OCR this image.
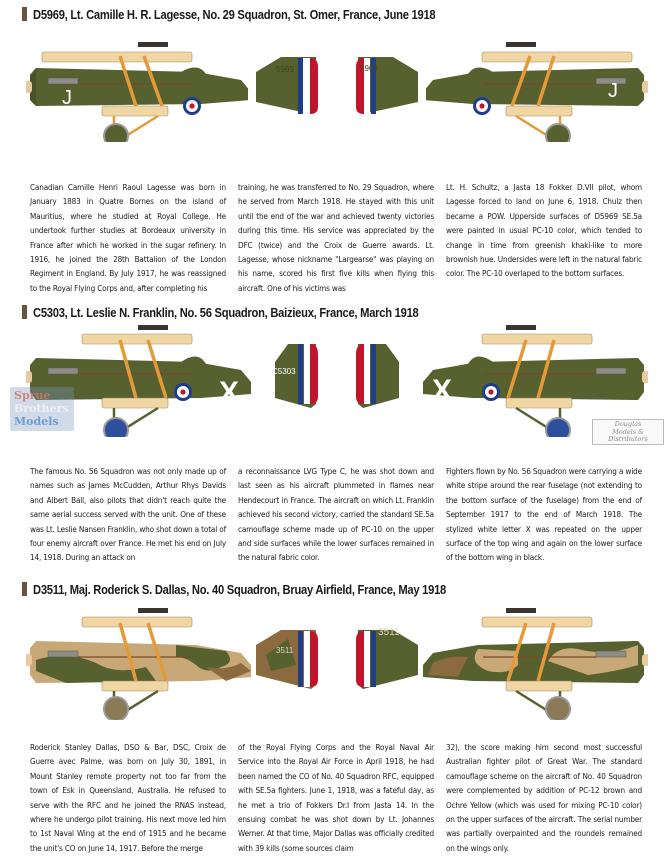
D5969, Lt. Camille H. R. Lagesse, No. 29 Squadron, St. Omer, France, June 1918
5969
J	J
5969

Canadian Camille Henri Raoul Lagesse was born in January 1883 in Quatre Bornes on the island of Mauritius, where he studied at Royal College. He undertook further studies at Bordeaux university in France after which he worked in the sugar refinery. In 1916, he joined the 28th Battalion of the London Regiment in England. By July 1917, he was reassigned to the Royal Flying Corps and, after completing his

training, he was transferred to No. 29 Squadron, where he served from March 1918. He stayed with this unit until the end of the war and achieved twenty victories during this time. His service was appreciated by the DFC (twice) and the Croix de Guerre awards. Lt. Lagesse, whose nickname "Largearse" was playing on his name, scored his first five kills when flying this aircraft. One of his victims was

Lt. H. Schultz, a Jasta 18 Fokker D.VII pilot, whom Lagesse forced to land on June 6, 1918. Chulz then became a POW. Upperside surfaces of D5969 SE.5a were painted in usual PC-10 color, which tended to change in time from greenish khaki-like to more brownish hue. Undersides were left in the natural fabric color. The PC-10 overlaped to the bottom surfaces.

C5303, Lt. Leslie N. Franklin, No. 56 Squadron, Baizieux, France, March 1918
C5303
X
Sprue
Brothers
Models
C5303
X
Douglas
Models &
Distributors

The famous No. 56 Squadron was not only made up of names such as James McCudden, Arthur Rhys Davids and Albert Ball, also pilots that didn't reach quite the same aerial success served with the unit. One of these was Lt. Leslie Nansen Franklin, who shot down a total of four enemy aircraft over France. He met his end on July 14, 1918. During an attack on

a reconnaissance LVG Type C, he was shot down and last seen as his aircraft plummeted in flames near Hendecourt in France. The aircraft on which Lt. Franklin achieved his second victory, carried the standard SE.5a camouflage scheme made up of PC-10 on the upper and side surfaces while the lower surfaces remained in the natural fabric color.

Fighters flown by No. 56 Squadron were carrying a wide white stripe around the rear fuselage (not extending to the bottom surface of the fuselage) from the end of September 1917 to the end of March 1918. The stylized white letter X was repeated on the upper surface of the top wing and again on the lower surface of the bottom wing in black.

D3511, Maj. Roderick S. Dallas, No. 40 Squadron, Bruay Airfield, France, May 1918
3511
3511

Roderick Stanley Dallas, DSO & Bar, DSC, Croix de Guerre avec Palme, was born on July 30, 1891, in Mount Stanley remote property not too far from the town of Esk in Queensland, Australia. He refused to serve with the RFC and he joined the RNAS instead, where he undergo pilot training. His next move led him to 1st Naval Wing at the end of 1915 and he became the unit's CO on June 14, 1917. Before the merge

of the Royal Flying Corps and the Royal Naval Air Service into the Royal Air Force in April 1918, he had been named the CO of No. 40 Squadron RFC, equipped with SE.5a fighters. June 1, 1918, was a fateful day, as he met a trio of Fokkers Dr.I from Jasta 14. In the ensuing combat he was shot down by Lt. Johannes Werner. At that time, Major Dallas was officially credited with 39 kills (some sources claim

32), the score making him second most successful Australian fighter pilot of Great War. The standard camouflage scheme on the aircraft of No. 40 Squadron were complemented by addition of PC-12 brown and Ochre Yellow (which was used for mixing PC-10 color) on the upper surfaces of the aircraft. The serial number was partially overpainted and the roundels remained on the wings only.
